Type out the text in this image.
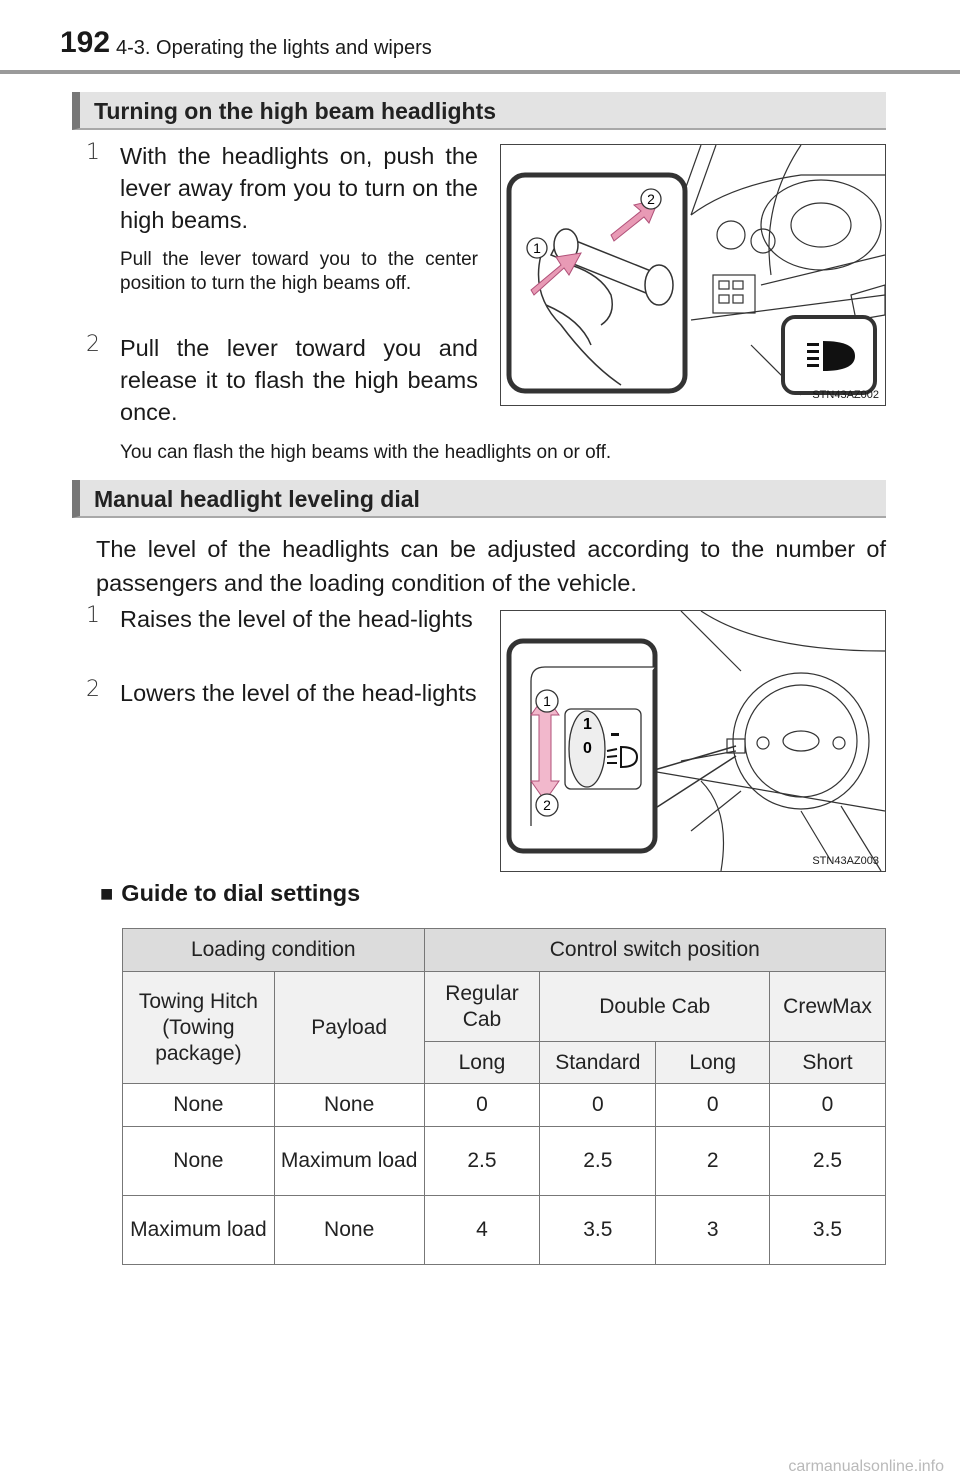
192 4-3. Operating the lights and wipers
Turning on the high beam headlights
1 With the headlights on, push the lever away from you to turn on the high beams.
Pull the lever toward you to the center position to turn the high beams off.
2 Pull the lever toward you and release it to flash the high beams once.
1
2
STN43AZ002
You can flash the high beams with the headlights on or off.
Manual headlight leveling dial
The level of the headlights can be adjusted according to the number of passengers and the loading condition of the vehicle.
1 Raises the level of the head-lights
2 Lowers the level of the head-lights
1
0
1
2
STN43AZ003
■ Guide to dial settings
Loading condition		Control switch position			
Towing Hitch (Towing package)	Payload	Regular Cab	Double Cab		CrewMax
		Long	Standard	Long	Short
None	None	0	0	0	0
None	Maximum load	2.5	2.5	2	2.5
Maximum load	None	4	3.5	3	3.5
carmanualsonline.info
